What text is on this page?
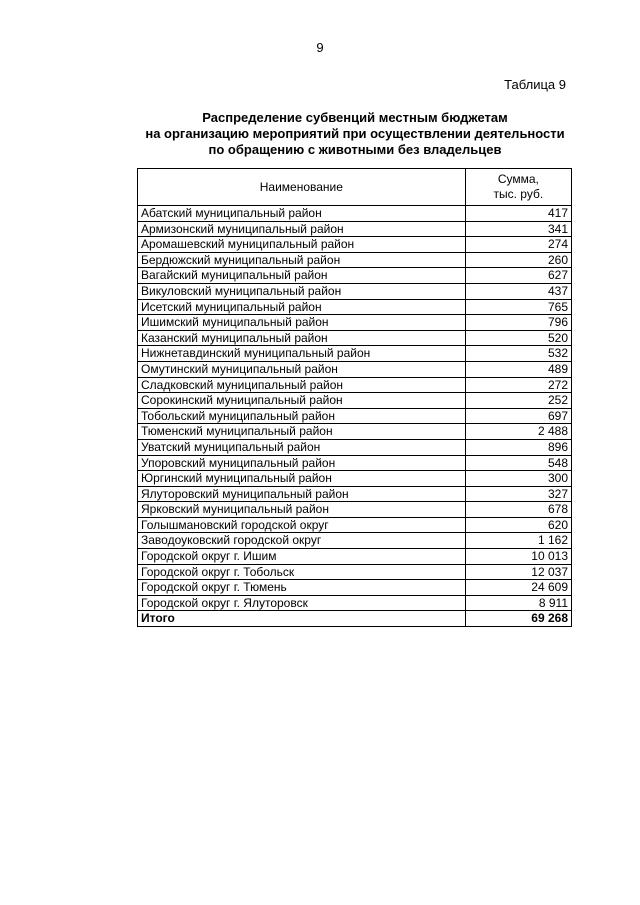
9
Таблица 9
Распределение субвенций местным бюджетам
на организацию мероприятий при осуществлении деятельности
по обращению с животными без владельцев
Наименование	Сумма,
тыс. руб.
Абатский муниципальный район	417
Армизонский муниципальный район	341
Аромашевский муниципальный район	274
Бердюжский муниципальный район	260
Вагайский муниципальный район	627
Викуловский муниципальный район	437
Исетский муниципальный район	765
Ишимский муниципальный район	796
Казанский муниципальный район	520
Нижнетавдинский муниципальный район	532
Омутинский муниципальный район	489
Сладковский муниципальный район	272
Сорокинский муниципальный район	252
Тобольский муниципальный район	697
Тюменский муниципальный район	2 488
Уватский муниципальный район	896
Упоровский муниципальный район	548
Юргинский муниципальный район	300
Ялуторовский муниципальный район	327
Ярковский муниципальный район	678
Голышмановский городской округ	620
Заводоуковский городской округ	1 162
Городской округ г. Ишим	10 013
Городской округ г. Тобольск	12 037
Городской округ г. Тюмень	24 609
Городской округ г. Ялуторовск	8 911
Итого	69 268
